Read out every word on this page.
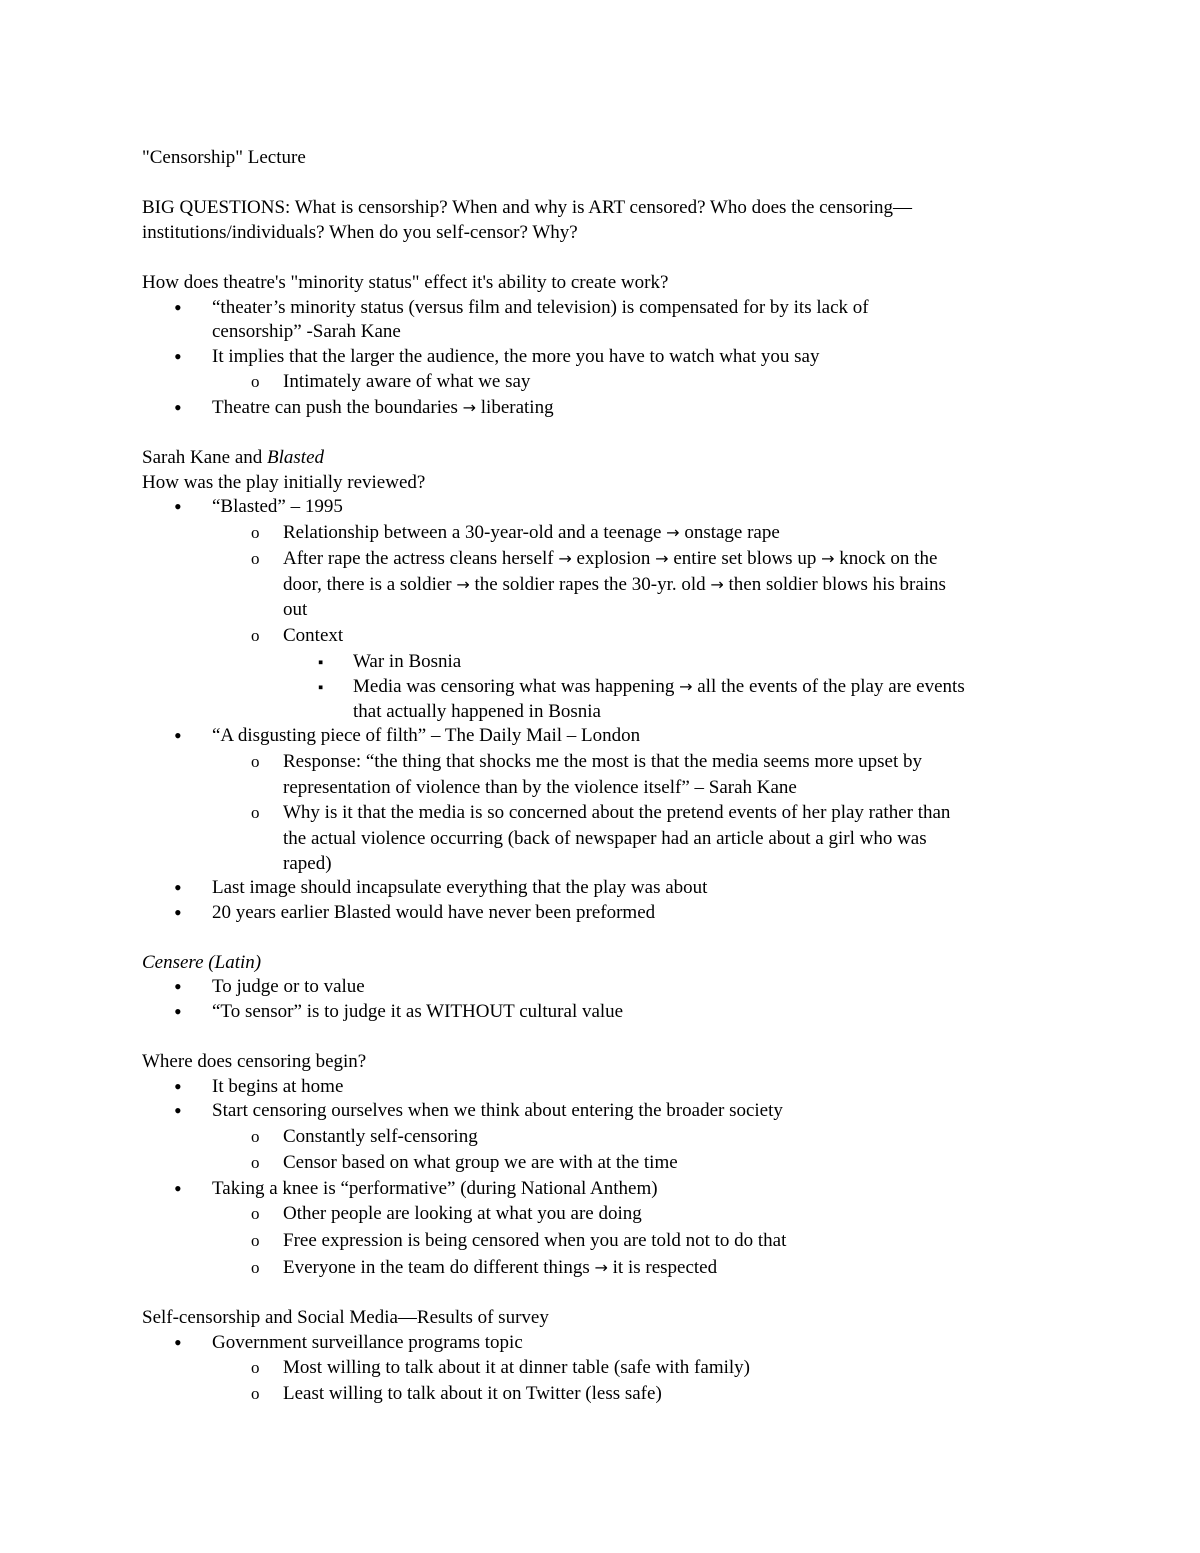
"Censorship" Lecture
BIG QUESTIONS: What is censorship? When and why is ART censored? Who does the censoring—
institutions/individuals? When do you self-censor? Why?
How does theatre's "minority status" effect it's ability to create work?
•
“theater’s minority status (versus film and television) is compensated for by its lack of
censorship” -Sarah Kane
•
It implies that the larger the audience, the more you have to watch what you say
o
Intimately aware of what we say
•
Theatre can push the boundaries → liberating
Sarah Kane and Blasted
How was the play initially reviewed?
•
“Blasted” – 1995
o
Relationship between a 30-year-old and a teenage → onstage rape
o
After rape the actress cleans herself → explosion → entire set blows up → knock on the
door, there is a soldier → the soldier rapes the 30-yr. old → then soldier blows his brains
out
o
Context
▪
War in Bosnia
▪
Media was censoring what was happening → all the events of the play are events
that actually happened in Bosnia
•
“A disgusting piece of filth” – The Daily Mail – London
o
Response: “the thing that shocks me the most is that the media seems more upset by
representation of violence than by the violence itself” – Sarah Kane
o
Why is it that the media is so concerned about the pretend events of her play rather than
the actual violence occurring (back of newspaper had an article about a girl who was
raped)
•
Last image should incapsulate everything that the play was about
•
20 years earlier Blasted would have never been preformed
Censere (Latin)
•
To judge or to value
•
“To sensor” is to judge it as WITHOUT cultural value
Where does censoring begin?
•
It begins at home
•
Start censoring ourselves when we think about entering the broader society
o
Constantly self-censoring
o
Censor based on what group we are with at the time
•
Taking a knee is “performative” (during National Anthem)
o
Other people are looking at what you are doing
o
Free expression is being censored when you are told not to do that
o
Everyone in the team do different things → it is respected
Self-censorship and Social Media—Results of survey
•
Government surveillance programs topic
o
Most willing to talk about it at dinner table (safe with family)
o
Least willing to talk about it on Twitter (less safe)
